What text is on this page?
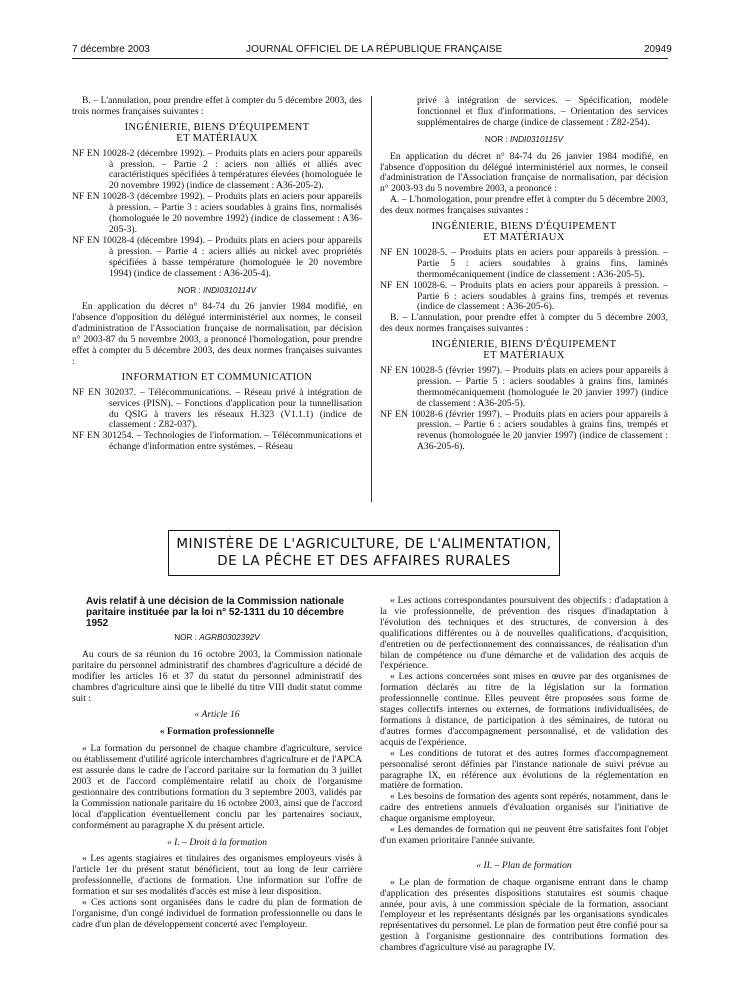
7 décembre 2003	JOURNAL OFFICIEL DE LA RÉPUBLIQUE FRANÇAISE	20949

B. – L'annulation, pour prendre effet à compter du 5 décembre 2003, des trois normes françaises suivantes :

INGÉNIERIE, BIENS D'ÉQUIPEMENT
ET MATÉRIAUX

NF EN 10028-2 (décembre 1992). – Produits plats en aciers pour appareils à pression. – Partie 2 : aciers non alliés et alliés avec caractéristiques spécifiées à températures élevées (homologuée le 20 novembre 1992) (indice de classement : A36-205-2).

NF EN 10028-3 (décembre 1992). – Produits plats en aciers pour appareils à pression. – Partie 3 : aciers soudables à grains fins, normalisés (homologuée le 20 novembre 1992) (indice de classement : A36-205-3).

NF EN 10028-4 (décembre 1994). – Produits plats en aciers pour appareils à pression. – Partie 4 : aciers alliés au nickel avec propriétés spécifiées à basse température (homologuée le 20 novembre 1994) (indice de classement : A36-205-4).

NOR : INDI0310114V

En application du décret n° 84-74 du 26 janvier 1984 modifié, en l'absence d'opposition du délégué interministériel aux normes, le conseil d'administration de l'Association française de normalisation, par décision n° 2003-87 du 5 novembre 2003, a prononcé l'homologation, pour prendre effet à compter du 5 décembre 2003, des deux normes françaises suivantes :

INFORMATION ET COMMUNICATION

NF EN 302037. – Télécommunications. – Réseau privé à intégration de services (PISN). – Fonctions d'application pour la tunnellisation du QSIG à travers les réseaux H.323 (V1.1.1) (indice de classement : Z82-037).

NF EN 301254. – Technologies de l'information. – Télécommunications et échange d'information entre systèmes. – Réseau

privé à intégration de services. – Spécification, modèle fonctionnel et flux d'informations. – Orientation des services supplémentaires de charge (indice de classement : Z82-254).

NOR : INDI0310115V

En application du décret n° 84-74 du 26 janvier 1984 modifié, en l'absence d'opposition du délégué interministériel aux normes, le conseil d'administration de l'Association française de normalisation, par décision n° 2003-93 du 5 novembre 2003, a prononcé :

A. – L'homologation, pour prendre effet à compter du 5 décembre 2003, des deux normes françaises suivantes :

INGÉNIERIE, BIENS D'ÉQUIPEMENT
ET MATÉRIAUX

NF EN 10028-5. – Produits plats en aciers pour appareils à pression. – Partie 5 : aciers soudables à grains fins, laminés thermomécaniquement (indice de classement : A36-205-5).

NF EN 10028-6. – Produits plats en aciers pour appareils à pression. – Partie 6 : aciers soudables à grains fins, trempés et revenus (indice de classement : A36-205-6).

B. – L'annulation, pour prendre effet à compter du 5 décembre 2003, des deux normes françaises suivantes :

INGÉNIERIE, BIENS D'ÉQUIPEMENT
ET MATÉRIAUX

NF EN 10028-5 (février 1997). – Produits plats en aciers pour appareils à pression. – Partie 5 : aciers soudables à grains fins, laminés thermomécaniquement (homologuée le 20 janvier 1997) (indice de classement : A36-205-5).

NF EN 10028-6 (février 1997). – Produits plats en aciers pour appareils à pression. – Partie 6 : aciers soudables à grains fins, trempés et revenus (homologuée le 20 janvier 1997) (indice de classement : A36-205-6).

MINISTÈRE DE L'AGRICULTURE, DE L'ALIMENTATION,
DE LA PÊCHE ET DES AFFAIRES RURALES
Avis relatif à une décision de la Commission nationale paritaire instituée par la loi n° 52-1311 du 10 décembre 1952
NOR : AGRB0302392V

Au cours de sa réunion du 16 octobre 2003, la Commission nationale paritaire du personnel administratif des chambres d'agriculture a décidé de modifier les articles 16 et 37 du statut du personnel administratif des chambres d'agriculture ainsi que le libellé du titre VIII dudit statut comme suit :

« Article 16
« Formation professionnelle

« La formation du personnel de chaque chambre d'agriculture, service ou établissement d'utilité agricole interchambres d'agriculture et de l'APCA est assurée dans le cadre de l'accord paritaire sur la formation du 3 juillet 2003 et de l'accord complémentaire relatif au choix de l'organisme gestionnaire des contributions formation du 3 septembre 2003, validés par la Commission nationale paritaire du 16 octobre 2003, ainsi que de l'accord local d'application éventuellement conclu par les partenaires sociaux, conformément au paragraphe X du présent article.

« I. – Droit à la formation

« Les agents stagiaires et titulaires des organismes employeurs visés à l'article 1er du présent statut bénéficient, tout au long de leur carrière professionnelle, d'actions de formation. Une information sur l'offre de formation et sur ses modalités d'accès est mise à leur disposition.

« Ces actions sont organisées dans le cadre du plan de formation de l'organisme, d'un congé individuel de formation professionnelle ou dans le cadre d'un plan de développement concerté avec l'employeur.

« Les actions correspondantes poursuivent des objectifs : d'adaptation à la vie professionnelle, de prévention des risques d'inadaptation à l'évolution des techniques et des structures, de conversion à des qualifications différentes ou à de nouvelles qualifications, d'acquisition, d'entretien ou de perfectionnement des connaissances, de réalisation d'un bilan de compétence ou d'une démarche et de validation des acquis de l'expérience.

« Les actions concernées sont mises en œuvre par des organismes de formation déclarés au titre de la législation sur la formation professionnelle continue. Elles peuvent être proposées sous forme de stages collectifs internes ou externes, de formations individualisées, de formations à distance, de participation à des séminaires, de tutorat ou d'autres formes d'accompagnement personnalisé, et de validation des acquis de l'expérience.

« Les conditions de tutorat et des autres formes d'accompagnement personnalisé seront définies par l'instance nationale de suivi prévue au paragraphe IX, en référence aux évolutions de la réglementation en matière de formation.

« Les besoins de formation des agents sont repérés, notamment, dans le cadre des entretiens annuels d'évaluation organisés sur l'initiative de chaque organisme employeur.

« Les demandes de formation qui ne peuvent être satisfaites font l'objet d'un examen prioritaire l'année suivante.

« II. – Plan de formation

« Le plan de formation de chaque organisme entrant dans le champ d'application des présentes dispositions statutaires est soumis chaque année, pour avis, à une commission spéciale de la formation, associant l'employeur et les représentants désignés par les organisations syndicales représentatives du personnel. Le plan de formation peut être confié pour sa gestion à l'organisme gestionnaire des contributions formation des chambres d'agriculture visé au paragraphe IV.
